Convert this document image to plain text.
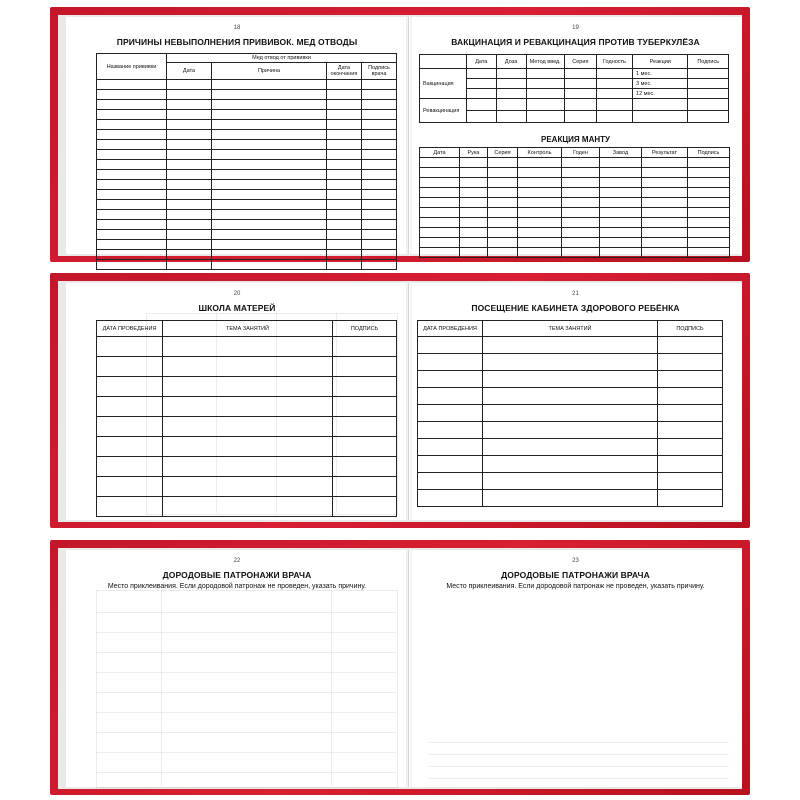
18
ПРИЧИНЫ НЕВЫПОЛНЕНИЯ ПРИВИВОК. МЕД ОТВОДЫ
Название прививки	Мед отвод от прививки			
	Дата	Причина	Дата окончания	Подпись врача

19
ВАКЦИНАЦИЯ И РЕВАКЦИНАЦИЯ ПРОТИВ ТУБЕРКУЛЁЗА
	Дата	Доза	Метод введ.	Серия	Годность	Реакции	Подпись
Вакцинация						1 мес.	
						3 мес.	
						12 мес.	
Ревакцинация							

РЕАКЦИЯ МАНТУ
Дата	Рука	Серия	Контроль	Годен	Завод	Результат	Подпись

20
ШКОЛА МАТЕРЕЙ
ДАТА ПРОВЕДЕНИЯ	ТЕМА ЗАНЯТИЙ	ПОДПИСЬ

21
ПОСЕЩЕНИЕ КАБИНЕТА ЗДОРОВОГО РЕБЁНКА
ДАТА ПРОВЕДЕНИЯ	ТЕМА ЗАНЯТИЙ	ПОДПИСЬ

22
ДОРОДОВЫЕ ПАТРОНАЖИ ВРАЧА
Место приклеивания. Если дородовой патронаж не проведен, указать причину.
23
ДОРОДОВЫЕ ПАТРОНАЖИ ВРАЧА
Место приклеивания. Если дородовой патронаж не проведен, указать причину.
